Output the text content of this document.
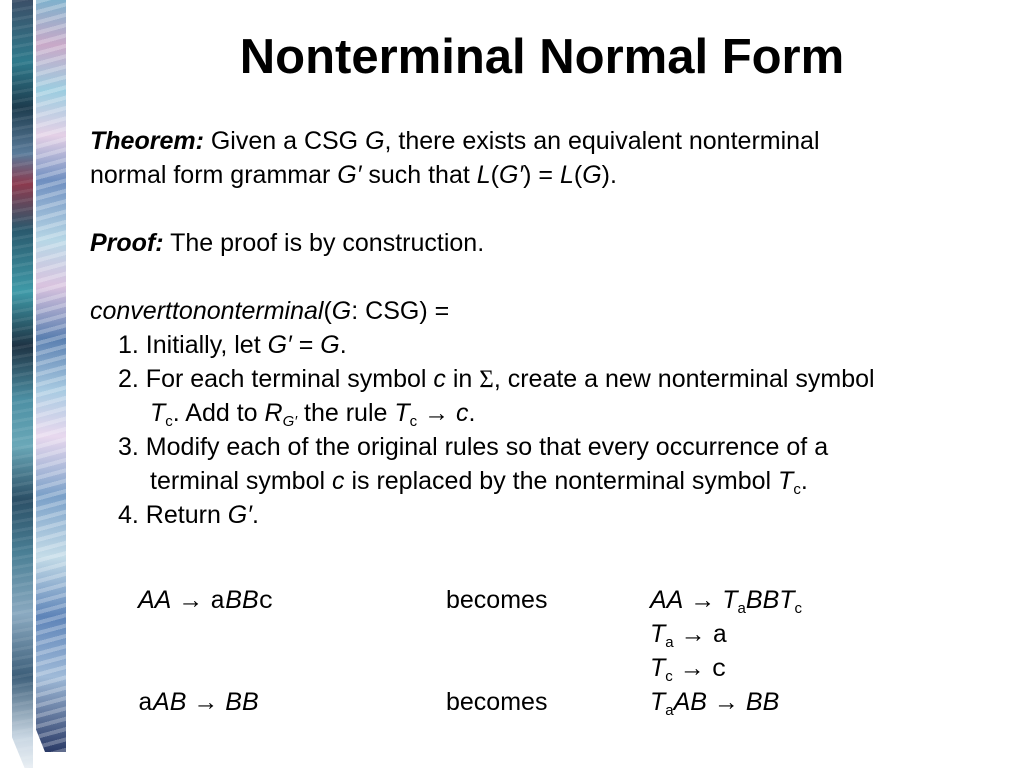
Nonterminal Normal Form
Theorem: Given a CSG G, there exists an equivalent nonterminal
normal form grammar G′ such that L(G′) = L(G).
Proof: The proof is by construction.
converttononterminal(G: CSG) =
1. Initially, let G′ = G.
2. For each terminal symbol c in Σ, create a new nonterminal symbol
$T_c$. Add to $R_{G'}$ the rule $T_c \to c$.
3. Modify each of the original rules so that every occurrence of a
terminal symbol c is replaced by the nonterminal symbol $T_c$.
4. Return G′.
AA → aBBc	becomes	AA → $T_aBBT_c$
$T_a \to a$
$T_c \to c$
aAB → BB	becomes	$T_aAB$ → BB
